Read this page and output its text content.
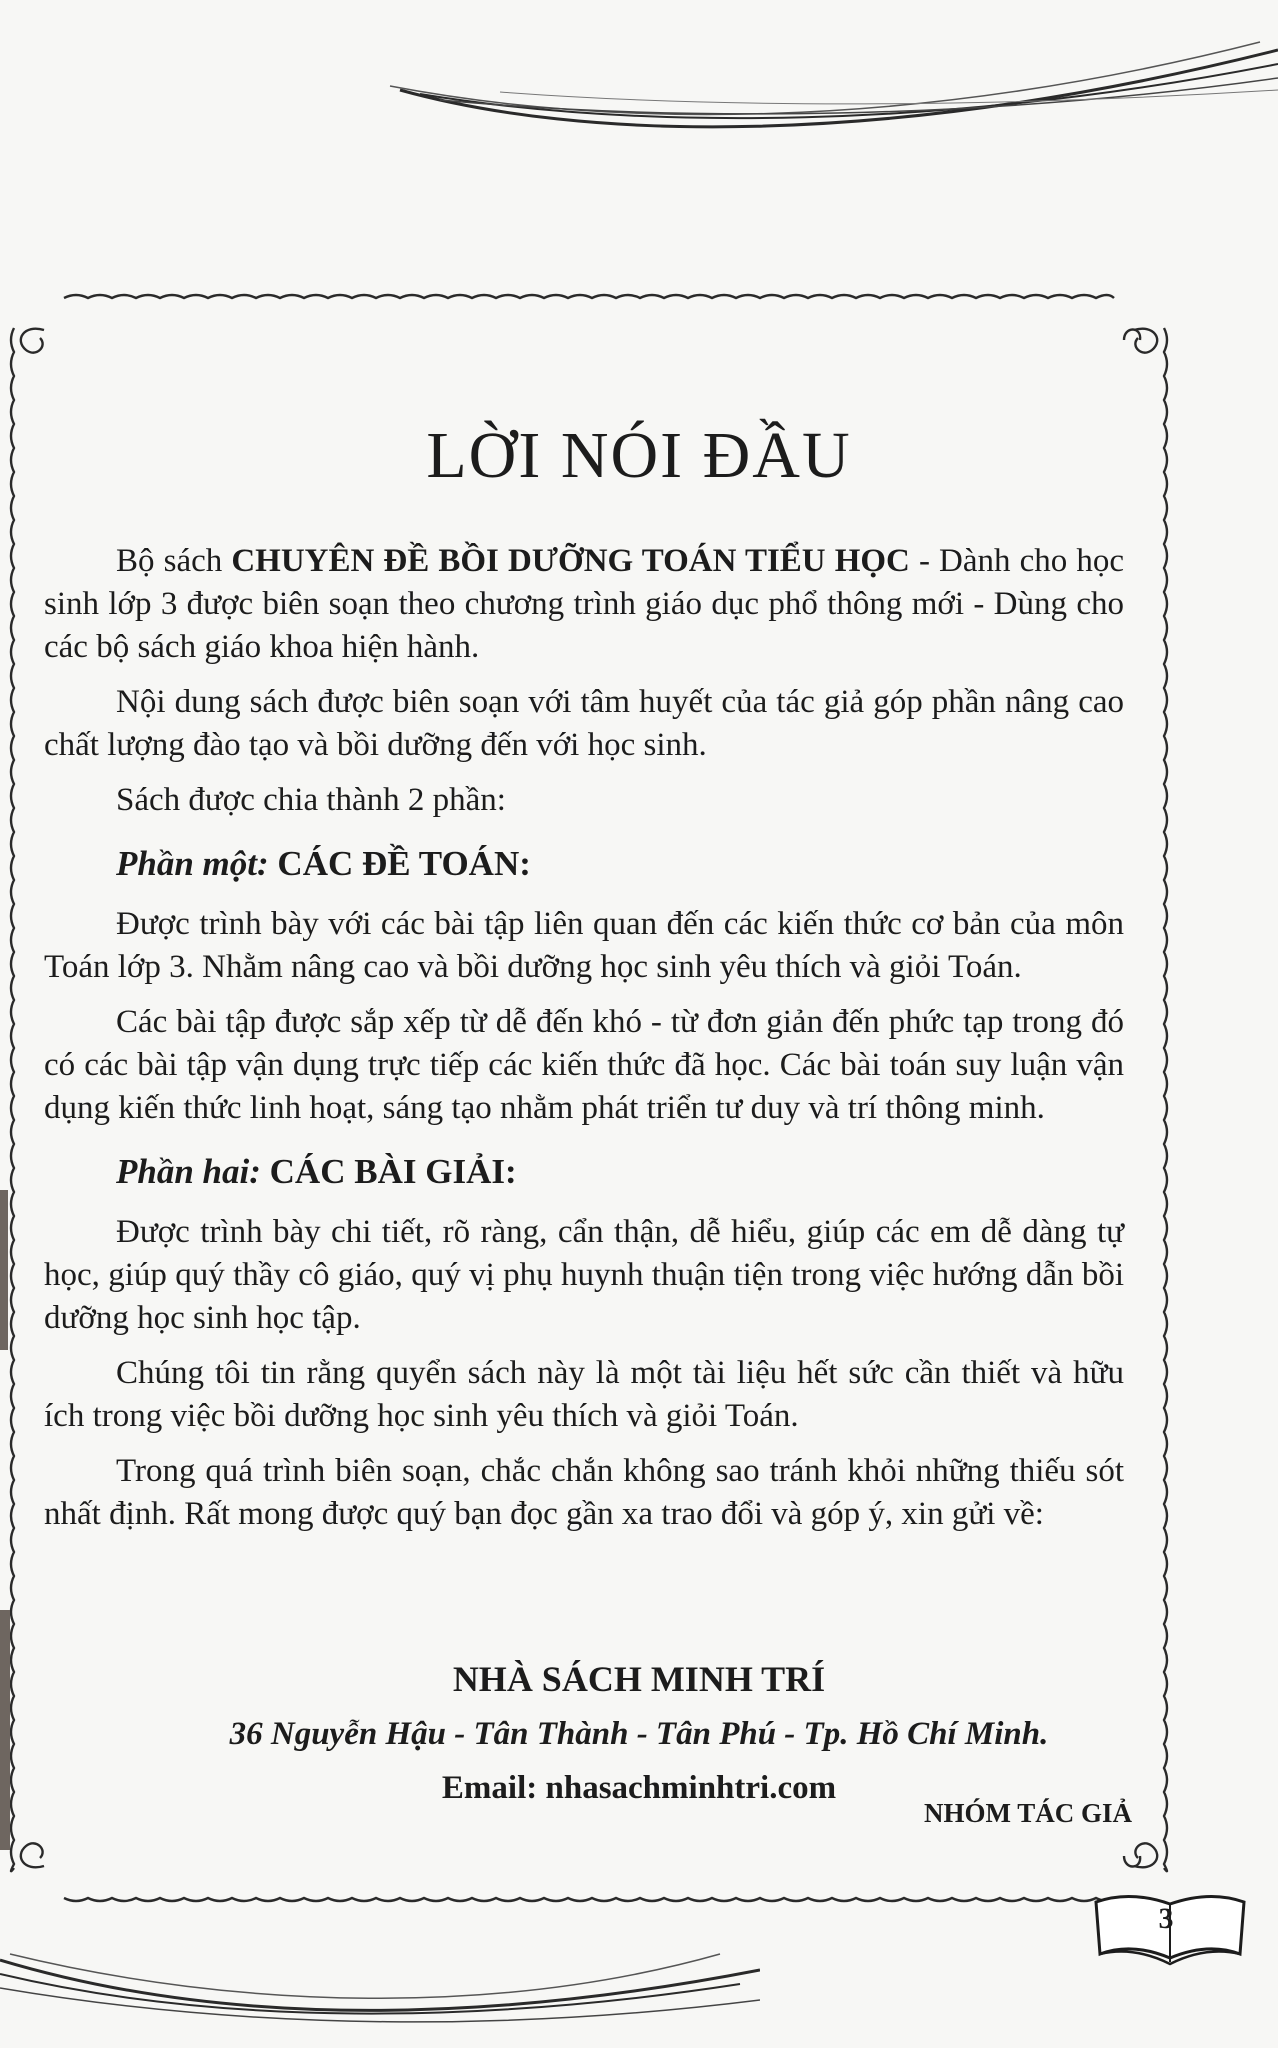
LỜI NÓI ĐẦU

Bộ sách CHUYÊN ĐỀ BỒI DƯỠNG TOÁN TIỂU HỌC - Dành cho học sinh lớp 3 được biên soạn theo chương trình giáo dục phổ thông mới - Dùng cho các bộ sách giáo khoa hiện hành.

Nội dung sách được biên soạn với tâm huyết của tác giả góp phần nâng cao chất lượng đào tạo và bồi dưỡng đến với học sinh.

Sách được chia thành 2 phần:

Phần một: CÁC ĐỀ TOÁN:

Được trình bày với các bài tập liên quan đến các kiến thức cơ bản của môn Toán lớp 3. Nhằm nâng cao và bồi dưỡng học sinh yêu thích và giỏi Toán.

Các bài tập được sắp xếp từ dễ đến khó - từ đơn giản đến phức tạp trong đó có các bài tập vận dụng trực tiếp các kiến thức đã học. Các bài toán suy luận vận dụng kiến thức linh hoạt, sáng tạo nhằm phát triển tư duy và trí thông minh.

Phần hai: CÁC BÀI GIẢI:

Được trình bày chi tiết, rõ ràng, cẩn thận, dễ hiểu, giúp các em dễ dàng tự học, giúp quý thầy cô giáo, quý vị phụ huynh thuận tiện trong việc hướng dẫn bồi dưỡng học sinh học tập.

Chúng tôi tin rằng quyển sách này là một tài liệu hết sức cần thiết và hữu ích trong việc bồi dưỡng học sinh yêu thích và giỏi Toán.

Trong quá trình biên soạn, chắc chắn không sao tránh khỏi những thiếu sót nhất định. Rất mong được quý bạn đọc gần xa trao đổi và góp ý, xin gửi về:

NHÀ SÁCH MINH TRÍ
36 Nguyễn Hậu - Tân Thành - Tân Phú - Tp. Hồ Chí Minh.
Email: nhasachminhtri.com
NHÓM TÁC GIẢ
3
